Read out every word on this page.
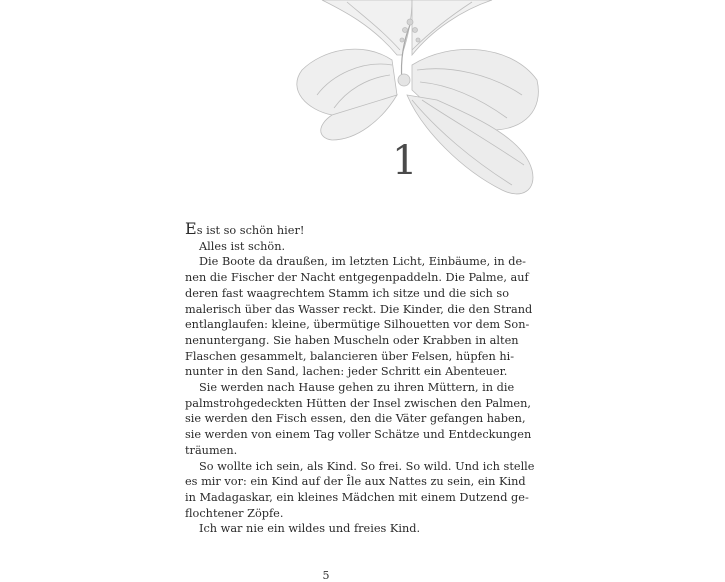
1

Es ist so schön hier!

Alles ist schön.

Die Boote da draußen, im letzten Licht, Einbäume, in de-
nen die Fischer der Nacht entgegenpaddeln. Die Palme, auf
deren fast waagrechtem Stamm ich sitze und die sich so
malerisch über das Wasser reckt. Die Kinder, die den Strand
entlanglaufen: kleine, übermütige Silhouetten vor dem Son-
nenuntergang. Sie haben Muscheln oder Krabben in alten
Flaschen gesammelt, balancieren über Felsen, hüpfen hi-
nunter in den Sand, lachen: jeder Schritt ein Abenteuer.

Sie werden nach Hause gehen zu ihren Müttern, in die
palmstrohgedeckten Hütten der Insel zwischen den Palmen,
sie werden den Fisch essen, den die Väter gefangen haben,
sie werden von einem Tag voller Schätze und Entdeckungen
träumen.

So wollte ich sein, als Kind. So frei. So wild. Und ich stelle
es mir vor: ein Kind auf der Île aux Nattes zu sein, ein Kind
in Madagaskar, ein kleines Mädchen mit einem Dutzend ge-
flochtener Zöpfe.

Ich war nie ein wildes und freies Kind.

5
